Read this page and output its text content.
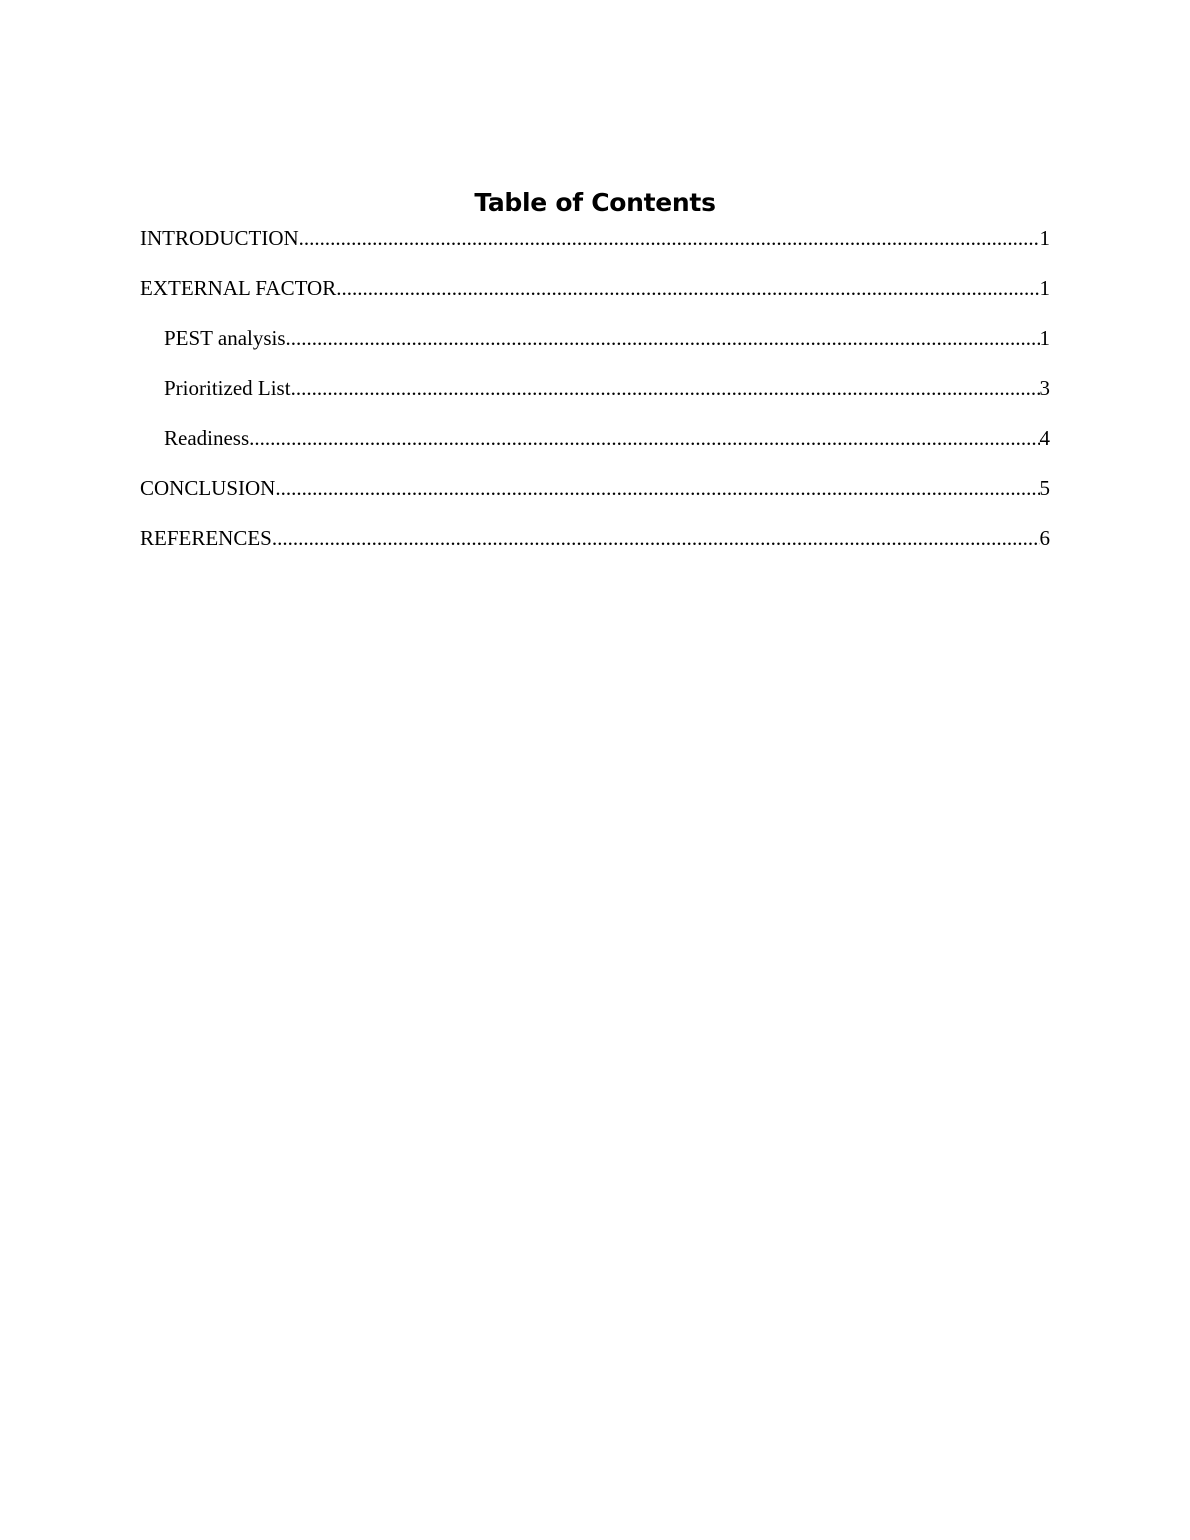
Table of Contents
INTRODUCTION .....	1
EXTERNAL FACTOR .....	1
PEST analysis .....	1
Prioritized List .....	3
Readiness .....	4
CONCLUSION .....	5
REFERENCES .....	6
